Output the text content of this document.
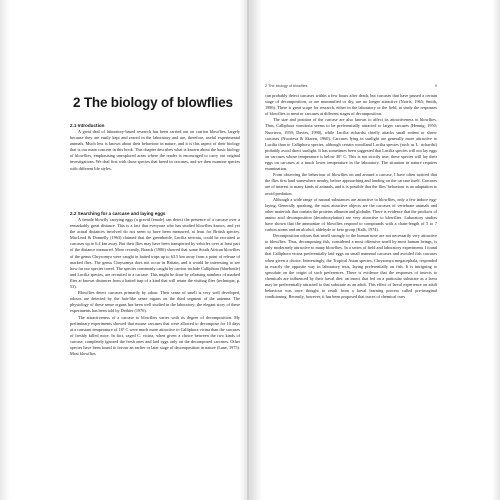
2 The biology of blowflies

2.1 Introduction

A great deal of laboratory-based research has been carried out on carrion blowflies, largely because they are easily kept and reared in the laboratory and are, therefore, useful experimental animals. Much less is known about their behaviour in nature, and it is this aspect of their biology that is our main concern in this book. This chapter describes what is known about the basic biology of blowflies, emphasising unexplored areas where the reader is encouraged to carry out original investigations. We deal first with those species that breed in carcases, and we then examine species with different life styles.

2.2 Searching for a carcase and laying eggs

A female blowfly carrying eggs (a gravid female) can detect the presence of a carcase over a remarkably great distance. This is a fact that everyone who has studied blowflies knows, and yet the actual distances involved do not seem to have been measured, at least for British species. MacLeod & Donnelly (1963) claimed that the greenbottle, Lucilia sericata, could be recruited to carcases up to 6.4 km away. But their flies may have been transported by vehicles over at least part of the distance measured. More recently, Braack (1986) showed that some South African blowflies of the genus Chrysomya were caught in baited traps up to 63.5 km away from a point of release of marked flies. The genus Chrysomya does not occur in Britain, and it would be interesting to see how far our species travel. The species commonly caught by carrion include Calliphora (bluebottle) and Lucilia species, are recruited to a carcase. This might be done by releasing numbers of marked flies at known distances from a baited trap of a kind that will retain the visiting flies (technique, p. 53).

Blowflies detect carcases primarily by odour. Their sense of smell is very well developed, odours are detected by the hair-like sense organs on the third segment of the antenna. The physiology of these sense organs has been well studied in the laboratory; the elegant story of these experiments has been told by Dethier (1976).

The attractiveness of a carcase to blowflies varies with its degree of decomposition. My preliminary experiments showed that mouse carcases that were allowed to decompose for 10 days at a constant temperature of 18° C were much more attractive to Calliphora vicina than the carcases of freshly killed mice. In fact, caged C. vicina, when given a choice between the two kinds of carcase, completely ignored the fresh ones and laid eggs only on the decomposed carcases. Other species have been found to favour an earlier or later stage of decomposition in nature (Lane, 1975). Most blowflies

2 The biology of blowflies	9

can probably detect carcases within a few hours after death, but carcases that have passed a certain stage of decomposition, or are mummified or dry, are no longer attractive (Norris, 1965; Smith, 1986). There is great scope for research, either in the laboratory or the field, to study the responses of blowflies to meat or carcases at different stages of decomposition.

The size and position of the carcase are also known to affect its attractiveness to blowflies. Thus, Calliphora vomitoria seems to be preferentially attracted to larger carcases (Hennig, 1950; Nuorteva, 1959; Davies, 1990), while Lucilia richardsi chiefly attacks small rodent or shrew carcases (Nuorteva & Skaren, 1960). Carcases lying in sunlight are generally more attractive to Lucilia than to Calliphora species, although certain woodland Lucilia species (such as L. richardsi) probably avoid direct sunlight. It has sometimes been suggested that Lucilia species will not lay eggs on carcases whose temperature is below 30° C. This is not strictly true; these species will lay their eggs on carcases at a much lower temperature in the laboratory. The situation in nature requires examination.

From observing the behaviour of blowflies on and around a carcase, I have often noticed that the flies first land somewhere nearby, before approaching and landing on the carcase itself. Carcases are of interest to many kinds of animals, and it is possible that the flies' behaviour is an adaptation to avoid predation.

Although a wide range of natural substances are attractive to blowflies, only a few induce egg-laying. Generally speaking, the most attractive objects are the carcases of vertebrate animals and other materials that contain the proteins albumin and globulin. There is evidence that the products of amino acid decomposition (decarboxylation) are very attractive to blowflies. Laboratory studies have shown that the ammoniae of blowflies respond to compounds with a chain-length of 5 to 7 carbon atoms and an alcohol, aldehyde or keto group (Kalb, 1974).

Decomposition odours that smell strongly to the human nose are not necessarily very attractive to blowflies. Thus, decomposing fish, considered a most offensive smell by most human beings, is only moderately attractive to many blowflies. In a series of field and laboratory experiments I found that Calliphora vicina preferentially laid eggs on small mammal carcases and avoided fish carcases when given a choice. Interestingly, the Tropical Asian species, Chrysomya megacephala, responded in exactly the opposite way in laboratory tests, laying preferentially on fish. It is intriguing to speculate on the origin of such preferences. There is evidence that the responses of insects to chemicals are influenced by their larval diet: an insect that fed on a particular substrate as a larva may be preferentially attracted to that substrate as an adult. This effect of larval experience on adult behaviour was once thought to result from a larval learning process called pre-imaginal conditioning. Recently, however, it has been proposed that traces of chemical cues
